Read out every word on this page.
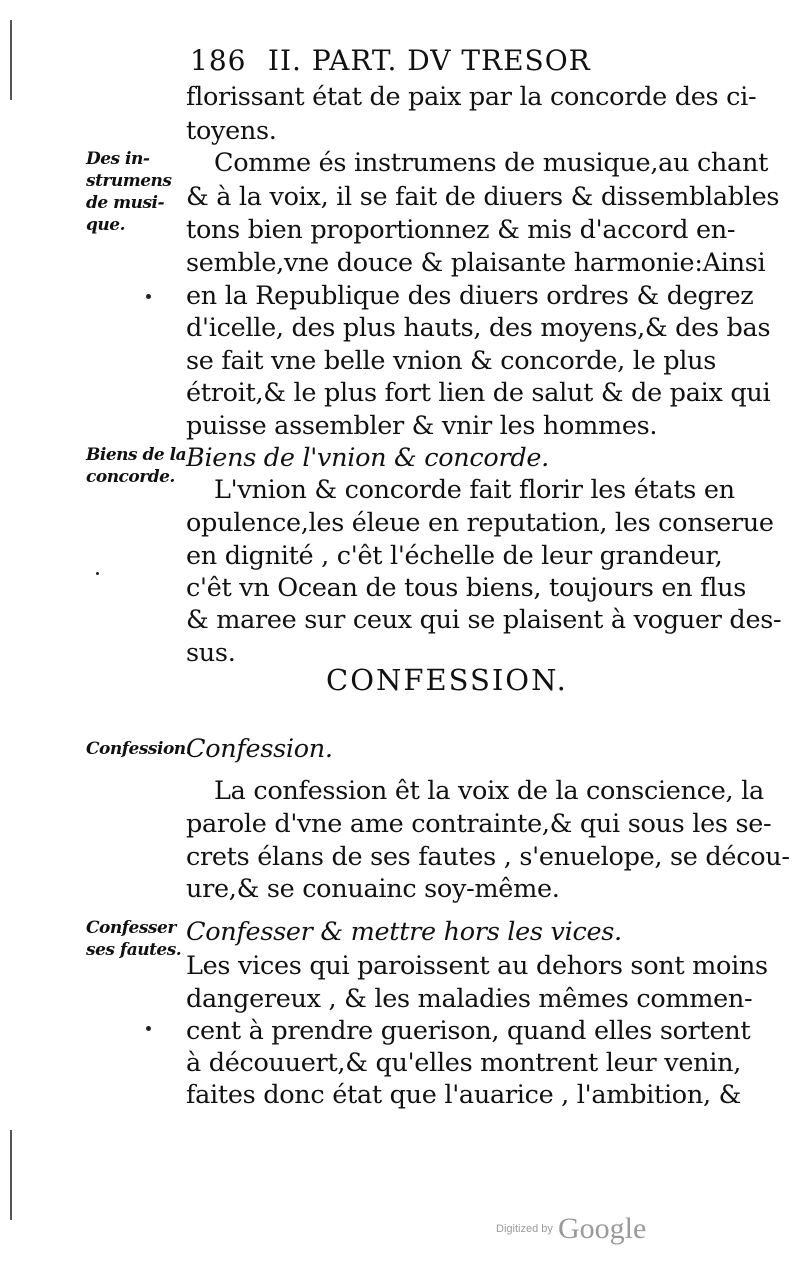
186 II. PART. DV TRESOR
florissant état de paix par la concorde des ci-
toyens.
Comme és instrumens de musique,au chant
& à la voix, il se fait de diuers & dissemblables
tons bien proportionnez & mis d'accord en-
semble,vne douce & plaisante harmonie:Ainsi
en la Republique des diuers ordres & degrez
d'icelle, des plus hauts, des moyens,& des bas
se fait vne belle vnion & concorde, le plus
étroit,& le plus fort lien de salut & de paix qui
puisse assembler & vnir les hommes.
Biens de l'vnion & concorde.
L'vnion & concorde fait florir les états en
opulence,les éleue en reputation, les conserue
en dignité , c'êt l'échelle de leur grandeur,
c'êt vn Ocean de tous biens, toujours en flus
& maree sur ceux qui se plaisent à voguer des-
sus.
CONFESSION.
Confession.
La confession êt la voix de la conscience, la
parole d'vne ame contrainte,& qui sous les se-
crets élans de ses fautes , s'enuelope, se décou-
ure,& se conuainc soy-même.
Confesser & mettre hors les vices.
Les vices qui paroissent au dehors sont moins
dangereux , & les maladies mêmes commen-
cent à prendre guerison, quand elles sortent
à découuert,& qu'elles montrent leur venin,
faites donc état que l'auarice , l'ambition, &
Des in-
strumens
de musi-
que.
Biens de la
concorde.
Confession.
Confesser
ses fautes.
Digitized by Google
